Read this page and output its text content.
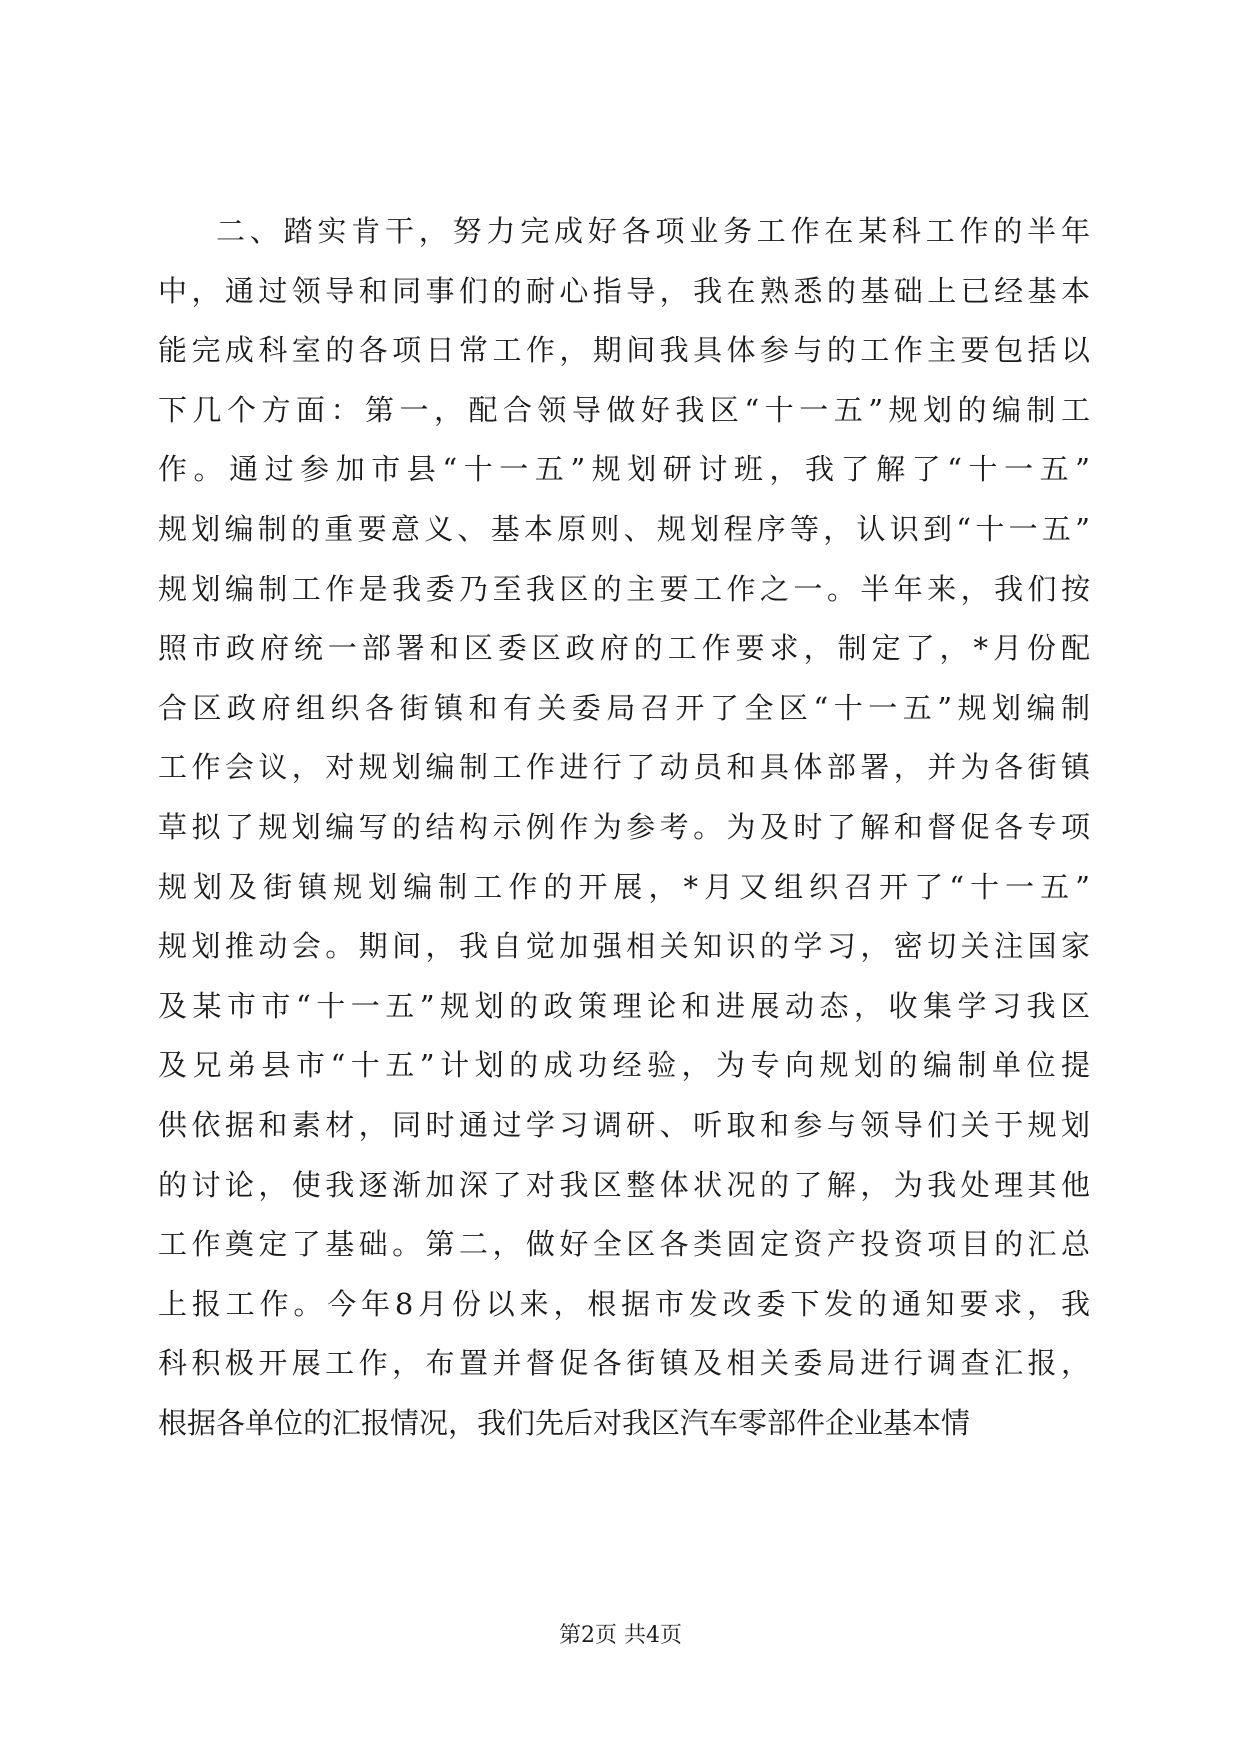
二、踏实肯干，努力完成好各项业务工作在某科工作的半年
中，通过领导和同事们的耐心指导，我在熟悉的基础上已经基本
能完成科室的各项日常工作，期间我具体参与的工作主要包括以
下几个方面：第一，配合领导做好我区“十一五”规划的编制工
作。通过参加市县“十一五”规划研讨班，我了解了“十一五”
规划编制的重要意义、基本原则、规划程序等，认识到“十一五”
规划编制工作是我委乃至我区的主要工作之一。半年来，我们按
照市政府统一部署和区委区政府的工作要求，制定了，*月份配
合区政府组织各街镇和有关委局召开了全区“十一五”规划编制
工作会议，对规划编制工作进行了动员和具体部署，并为各街镇
草拟了规划编写的结构示例作为参考。为及时了解和督促各专项
规划及街镇规划编制工作的开展，*月又组织召开了“十一五”
规划推动会。期间，我自觉加强相关知识的学习，密切关注国家
及某市市“十一五”规划的政策理论和进展动态，收集学习我区
及兄弟县市“十五”计划的成功经验，为专向规划的编制单位提
供依据和素材，同时通过学习调研、听取和参与领导们关于规划
的讨论，使我逐渐加深了对我区整体状况的了解，为我处理其他
工作奠定了基础。第二，做好全区各类固定资产投资项目的汇总
上报工作。今年8月份以来，根据市发改委下发的通知要求，我
科积极开展工作，布置并督促各街镇及相关委局进行调查汇报，
根据各单位的汇报情况，我们先后对我区汽车零部件企业基本情
第2页 共4页
